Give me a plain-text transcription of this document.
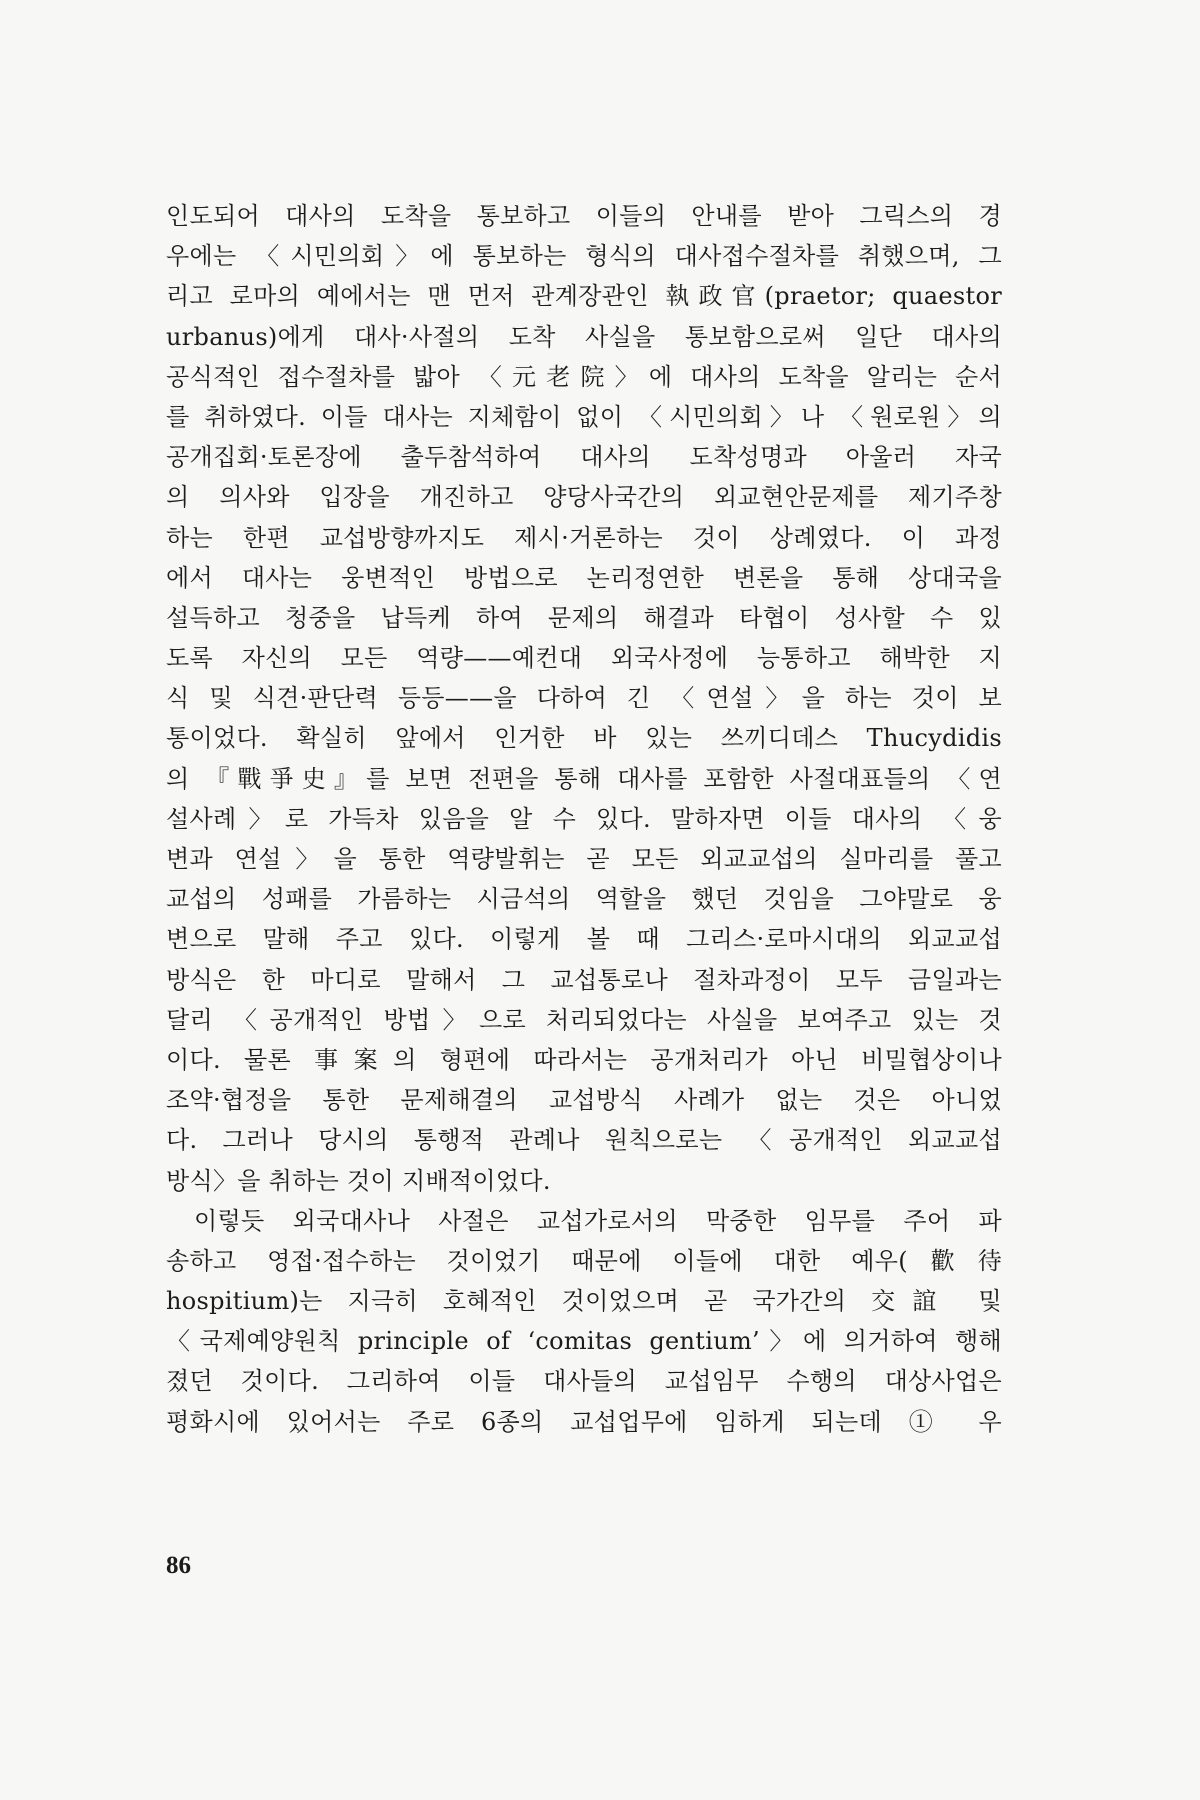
인도되어 대사의 도착을 통보하고 이들의 안내를 받아 그릭스의 경
우에는 〈시민의회〉에 통보하는 형식의 대사접수절차를 취했으며, 그
리고 로마의 예에서는 맨 먼저 관계장관인 執政官(praetor; quaestor
urbanus)에게 대사·사절의 도착 사실을 통보함으로써 일단 대사의
공식적인 접수절차를 밟아 〈元老院〉에 대사의 도착을 알리는 순서
를 취하였다. 이들 대사는 지체함이 없이 〈시민의회〉나 〈원로원〉의
공개집회·토론장에 출두참석하여 대사의 도착성명과 아울러 자국
의 의사와 입장을 개진하고 양당사국간의 외교현안문제를 제기주창
하는 한편 교섭방향까지도 제시·거론하는 것이 상례였다. 이 과정
에서 대사는 웅변적인 방법으로 논리정연한 변론을 통해 상대국을
설득하고 청중을 납득케 하여 문제의 해결과 타협이 성사할 수 있
도록 자신의 모든 역량——예컨대 외국사정에 능통하고 해박한 지
식 및 식견·판단력 등등——을 다하여 긴 〈연설〉을 하는 것이 보
통이었다. 확실히 앞에서 인거한 바 있는 쓰끼디데스 Thucydidis
의 『戰爭史』를 보면 전편을 통해 대사를 포함한 사절대표들의 〈연
설사례〉로 가득차 있음을 알 수 있다. 말하자면 이들 대사의 〈웅
변과 연설〉을 통한 역량발휘는 곧 모든 외교교섭의 실마리를 풀고
교섭의 성패를 가름하는 시금석의 역할을 했던 것임을 그야말로 웅
변으로 말해 주고 있다. 이렇게 볼 때 그리스·로마시대의 외교교섭
방식은 한 마디로 말해서 그 교섭통로나 절차과정이 모두 금일과는
달리 〈공개적인 방법〉으로 처리되었다는 사실을 보여주고 있는 것
이다. 물론 事案의 형편에 따라서는 공개처리가 아닌 비밀협상이나
조약·협정을 통한 문제해결의 교섭방식 사례가 없는 것은 아니었
다. 그러나 당시의 통행적 관례나 원칙으로는 〈공개적인 외교교섭
방식〉을 취하는 것이 지배적이었다.
이렇듯 외국대사나 사절은 교섭가로서의 막중한 임무를 주어 파
송하고 영접·접수하는 것이었기 때문에 이들에 대한 예우(歡待
hospitium)는 지극히 호혜적인 것이었으며 곧 국가간의 交誼 및
〈국제예양원칙 principle of ‘comitas gentium’〉에 의거하여 행해
졌던 것이다. 그리하여 이들 대사들의 교섭임무 수행의 대상사업은
평화시에 있어서는 주로 6종의 교섭업무에 임하게 되는데 ① 우
86
